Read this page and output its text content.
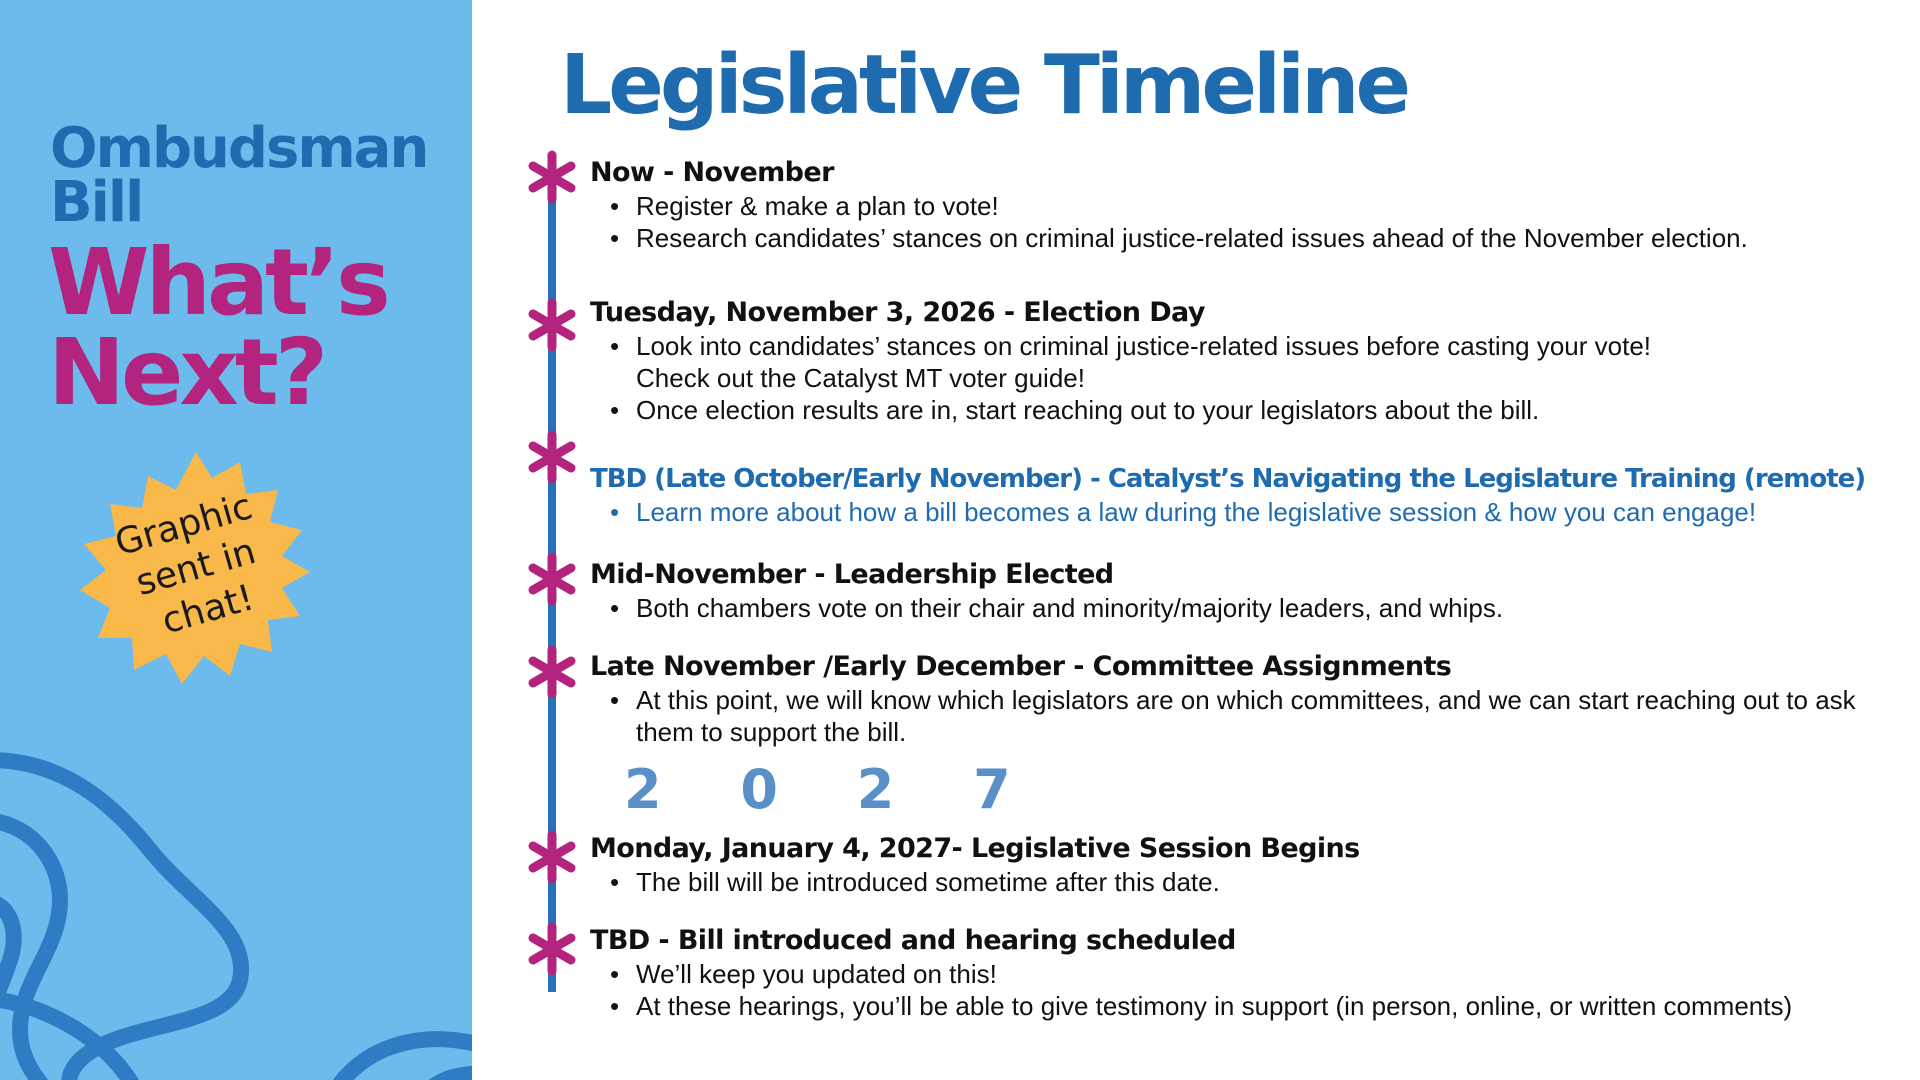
Ombudsman Bill
What’s Next?
Graphic sent in chat!
Legislative Timeline
Now - November
• Register & make a plan to vote!
• Research candidates’ stances on criminal justice-related issues ahead of the November election.
Tuesday, November 3, 2026 - Election Day
• Look into candidates’ stances on criminal justice-related issues before casting your vote! Check out the Catalyst MT voter guide!
• Once election results are in, start reaching out to your legislators about the bill.
TBD (Late October/Early November) - Catalyst’s Navigating the Legislature Training (remote)
• Learn more about how a bill becomes a law during the legislative session & how you can engage!
Mid-November - Leadership Elected
• Both chambers vote on their chair and minority/majority leaders, and whips.
Late November /Early December - Committee Assignments
• At this point, we will know which legislators are on which committees, and we can start reaching out to ask them to support the bill.
2 0 2 7
Monday, January 4, 2027- Legislative Session Begins
• The bill will be introduced sometime after this date.
TBD - Bill introduced and hearing scheduled
• We’ll keep you updated on this!
• At these hearings, you’ll be able to give testimony in support (in person, online, or written comments)
